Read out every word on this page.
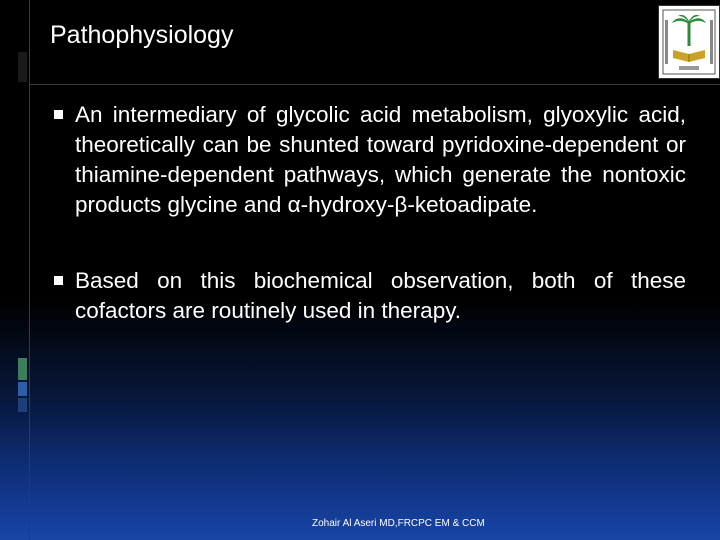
Pathophysiology
An intermediary of glycolic acid metabolism, glyoxylic acid, theoretically can be shunted toward pyridoxine-dependent or thiamine-dependent pathways, which generate the nontoxic products glycine and α-hydroxy-β-ketoadipate.
Based on this biochemical observation, both of these cofactors are routinely used in therapy.
Zohair Al Aseri MD,FRCPC EM & CCM
